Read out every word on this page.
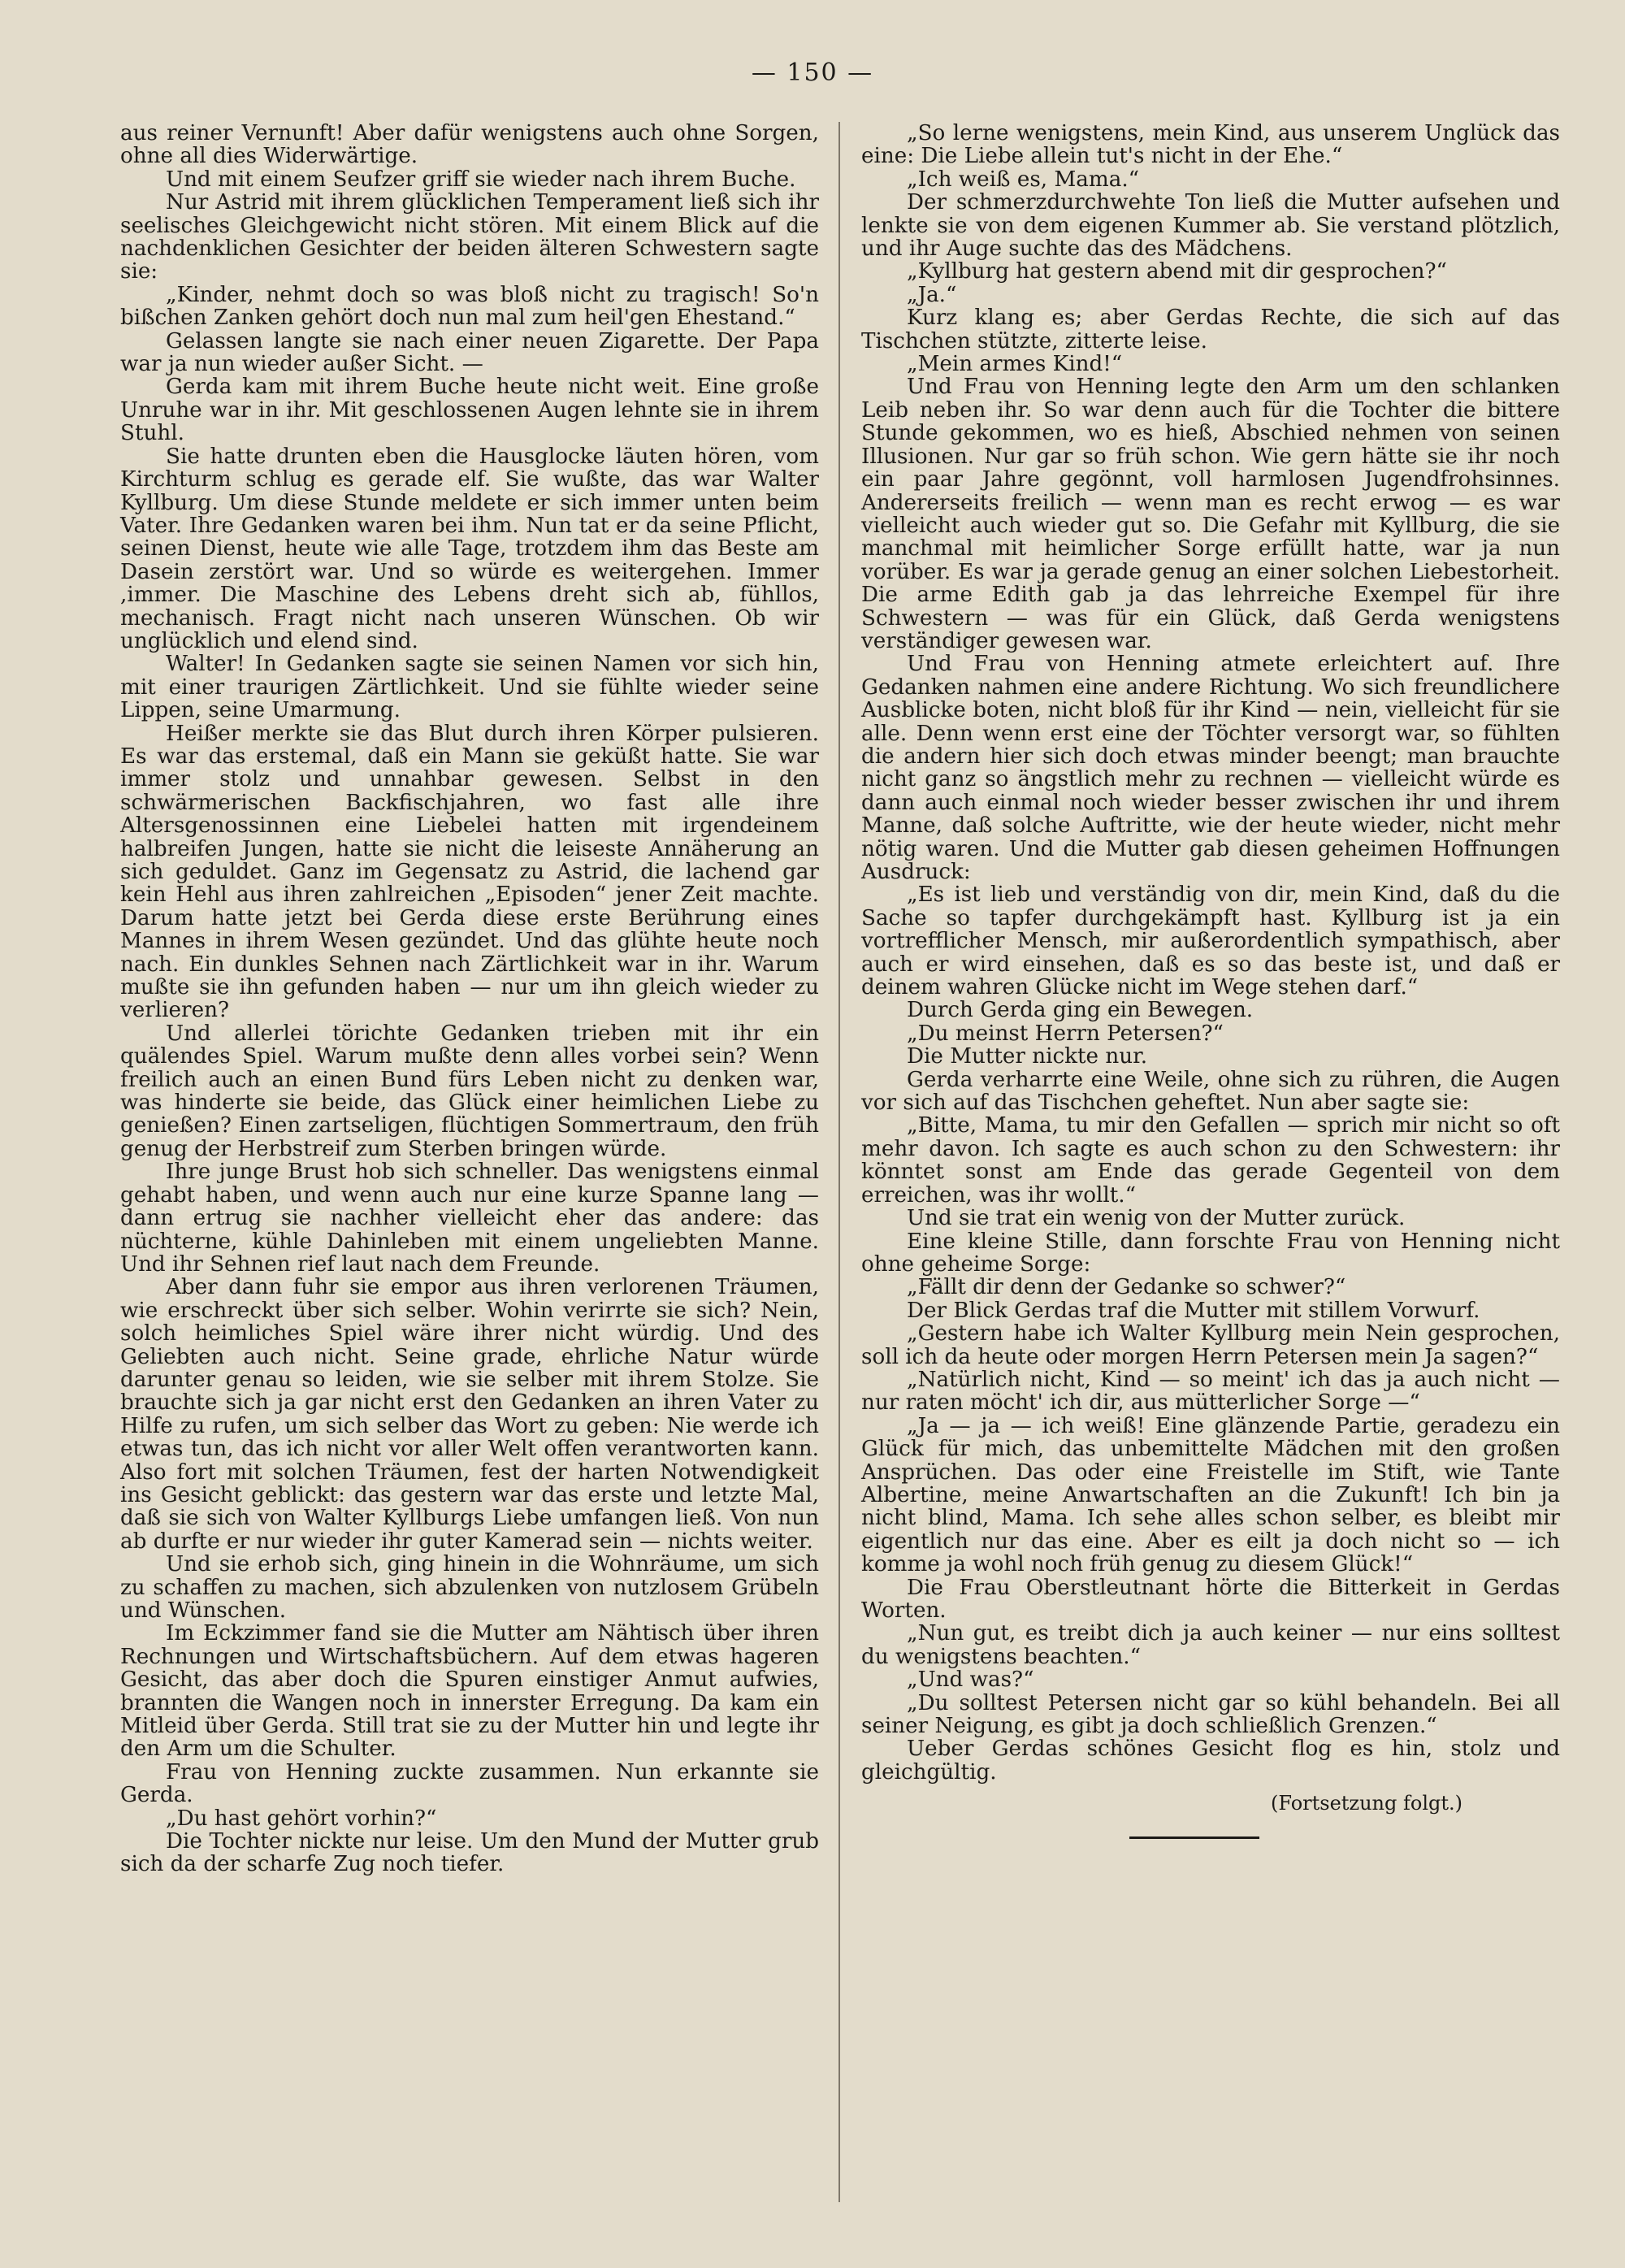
— 150 —

aus reiner Vernunft! Aber dafür wenigstens auch ohne Sorgen, ohne all dies Widerwärtige.

Und mit einem Seufzer griff sie wieder nach ihrem Buche.

Nur Astrid mit ihrem glücklichen Temperament ließ sich ihr seelisches Gleichgewicht nicht stören. Mit einem Blick auf die nachdenklichen Gesichter der beiden älteren Schwestern sagte sie:

„Kinder, nehmt doch so was bloß nicht zu tragisch! So'n bißchen Zanken gehört doch nun mal zum heil'gen Ehestand.“

Gelassen langte sie nach einer neuen Zigarette. Der Papa war ja nun wieder außer Sicht. —

Gerda kam mit ihrem Buche heute nicht weit. Eine große Unruhe war in ihr. Mit geschlossenen Augen lehnte sie in ihrem Stuhl.

Sie hatte drunten eben die Hausglocke läuten hören, vom Kirchturm schlug es gerade elf. Sie wußte, das war Walter Kyllburg. Um diese Stunde meldete er sich immer unten beim Vater. Ihre Gedanken waren bei ihm. Nun tat er da seine Pflicht, seinen Dienst, heute wie alle Tage, trotzdem ihm das Beste am Dasein zerstört war. Und so würde es weitergehen. Immer ,immer. Die Maschine des Lebens dreht sich ab, fühllos, mechanisch. Fragt nicht nach unseren Wünschen. Ob wir unglücklich und elend sind.

Walter! In Gedanken sagte sie seinen Namen vor sich hin, mit einer traurigen Zärtlichkeit. Und sie fühlte wieder seine Lippen, seine Umarmung.

Heißer merkte sie das Blut durch ihren Körper pulsieren. Es war das erstemal, daß ein Mann sie geküßt hatte. Sie war immer stolz und unnahbar gewesen. Selbst in den schwärmerischen Backfischjahren, wo fast alle ihre Altersgenossinnen eine Liebelei hatten mit irgendeinem halbreifen Jungen, hatte sie nicht die leiseste Annäherung an sich geduldet. Ganz im Gegensatz zu Astrid, die lachend gar kein Hehl aus ihren zahlreichen „Episoden“ jener Zeit machte. Darum hatte jetzt bei Gerda diese erste Berührung eines Mannes in ihrem Wesen gezündet. Und das glühte heute noch nach. Ein dunkles Sehnen nach Zärtlichkeit war in ihr. Warum mußte sie ihn gefunden haben — nur um ihn gleich wieder zu verlieren?

Und allerlei törichte Gedanken trieben mit ihr ein quälendes Spiel. Warum mußte denn alles vorbei sein? Wenn freilich auch an einen Bund fürs Leben nicht zu denken war, was hinderte sie beide, das Glück einer heimlichen Liebe zu genießen? Einen zartseligen, flüchtigen Sommertraum, den früh genug der Herbstreif zum Sterben bringen würde.

Ihre junge Brust hob sich schneller. Das wenigstens einmal gehabt haben, und wenn auch nur eine kurze Spanne lang — dann ertrug sie nachher vielleicht eher das andere: das nüchterne, kühle Dahinleben mit einem ungeliebten Manne. Und ihr Sehnen rief laut nach dem Freunde.

Aber dann fuhr sie empor aus ihren verlorenen Träumen, wie erschreckt über sich selber. Wohin verirrte sie sich? Nein, solch heimliches Spiel wäre ihrer nicht würdig. Und des Geliebten auch nicht. Seine grade, ehrliche Natur würde darunter genau so leiden, wie sie selber mit ihrem Stolze. Sie brauchte sich ja gar nicht erst den Gedanken an ihren Vater zu Hilfe zu rufen, um sich selber das Wort zu geben: Nie werde ich etwas tun, das ich nicht vor aller Welt offen verantworten kann. Also fort mit solchen Träumen, fest der harten Notwendigkeit ins Gesicht geblickt: das gestern war das erste und letzte Mal, daß sie sich von Walter Kyllburgs Liebe umfangen ließ. Von nun ab durfte er nur wieder ihr guter Kamerad sein — nichts weiter.

Und sie erhob sich, ging hinein in die Wohnräume, um sich zu schaffen zu machen, sich abzulenken von nutzlosem Grübeln und Wünschen.

Im Eckzimmer fand sie die Mutter am Nähtisch über ihren Rechnungen und Wirtschaftsbüchern. Auf dem etwas hageren Gesicht, das aber doch die Spuren einstiger Anmut aufwies, brannten die Wangen noch in innerster Erregung. Da kam ein Mitleid über Gerda. Still trat sie zu der Mutter hin und legte ihr den Arm um die Schulter.

Frau von Henning zuckte zusammen. Nun erkannte sie Gerda.

„Du hast gehört vorhin?“

Die Tochter nickte nur leise. Um den Mund der Mutter grub sich da der scharfe Zug noch tiefer.

„So lerne wenigstens, mein Kind, aus unserem Unglück das eine: Die Liebe allein tut's nicht in der Ehe.“

„Ich weiß es, Mama.“

Der schmerzdurchwehte Ton ließ die Mutter aufsehen und lenkte sie von dem eigenen Kummer ab. Sie verstand plötzlich, und ihr Auge suchte das des Mädchens.

„Kyllburg hat gestern abend mit dir gesprochen?“

„Ja.“

Kurz klang es; aber Gerdas Rechte, die sich auf das Tischchen stützte, zitterte leise.

„Mein armes Kind!“

Und Frau von Henning legte den Arm um den schlanken Leib neben ihr. So war denn auch für die Tochter die bittere Stunde gekommen, wo es hieß, Abschied nehmen von seinen Illusionen. Nur gar so früh schon. Wie gern hätte sie ihr noch ein paar Jahre gegönnt, voll harmlosen Jugendfrohsinnes. Andererseits freilich — wenn man es recht erwog — es war vielleicht auch wieder gut so. Die Gefahr mit Kyllburg, die sie manchmal mit heimlicher Sorge erfüllt hatte, war ja nun vorüber. Es war ja gerade genug an einer solchen Liebestorheit. Die arme Edith gab ja das lehrreiche Exempel für ihre Schwestern — was für ein Glück, daß Gerda wenigstens verständiger gewesen war.

Und Frau von Henning atmete erleichtert auf. Ihre Gedanken nahmen eine andere Richtung. Wo sich freundlichere Ausblicke boten, nicht bloß für ihr Kind — nein, vielleicht für sie alle. Denn wenn erst eine der Töchter versorgt war, so fühlten die andern hier sich doch etwas minder beengt; man brauchte nicht ganz so ängstlich mehr zu rechnen — vielleicht würde es dann auch einmal noch wieder besser zwischen ihr und ihrem Manne, daß solche Auftritte, wie der heute wieder, nicht mehr nötig waren. Und die Mutter gab diesen geheimen Hoffnungen Ausdruck:

„Es ist lieb und verständig von dir, mein Kind, daß du die Sache so tapfer durchgekämpft hast. Kyllburg ist ja ein vortrefflicher Mensch, mir außerordentlich sympathisch, aber auch er wird einsehen, daß es so das beste ist, und daß er deinem wahren Glücke nicht im Wege stehen darf.“

Durch Gerda ging ein Bewegen.

„Du meinst Herrn Petersen?“

Die Mutter nickte nur.

Gerda verharrte eine Weile, ohne sich zu rühren, die Augen vor sich auf das Tischchen geheftet. Nun aber sagte sie:

„Bitte, Mama, tu mir den Gefallen — sprich mir nicht so oft mehr davon. Ich sagte es auch schon zu den Schwestern: ihr könntet sonst am Ende das gerade Gegenteil von dem erreichen, was ihr wollt.“

Und sie trat ein wenig von der Mutter zurück.

Eine kleine Stille, dann forschte Frau von Henning nicht ohne geheime Sorge:

„Fällt dir denn der Gedanke so schwer?“

Der Blick Gerdas traf die Mutter mit stillem Vorwurf.

„Gestern habe ich Walter Kyllburg mein Nein gesprochen, soll ich da heute oder morgen Herrn Petersen mein Ja sagen?“

„Natürlich nicht, Kind — so meint' ich das ja auch nicht — nur raten möcht' ich dir, aus mütterlicher Sorge —“

„Ja — ja — ich weiß! Eine glänzende Partie, geradezu ein Glück für mich, das unbemittelte Mädchen mit den großen Ansprüchen. Das oder eine Freistelle im Stift, wie Tante Albertine, meine Anwartschaften an die Zukunft! Ich bin ja nicht blind, Mama. Ich sehe alles schon selber, es bleibt mir eigentlich nur das eine. Aber es eilt ja doch nicht so — ich komme ja wohl noch früh genug zu diesem Glück!“

Die Frau Oberstleutnant hörte die Bitterkeit in Gerdas Worten.

„Nun gut, es treibt dich ja auch keiner — nur eins solltest du wenigstens beachten.“

„Und was?“

„Du solltest Petersen nicht gar so kühl behandeln. Bei all seiner Neigung, es gibt ja doch schließlich Grenzen.“

Ueber Gerdas schönes Gesicht flog es hin, stolz und gleichgültig.

(Fortsetzung folgt.)
